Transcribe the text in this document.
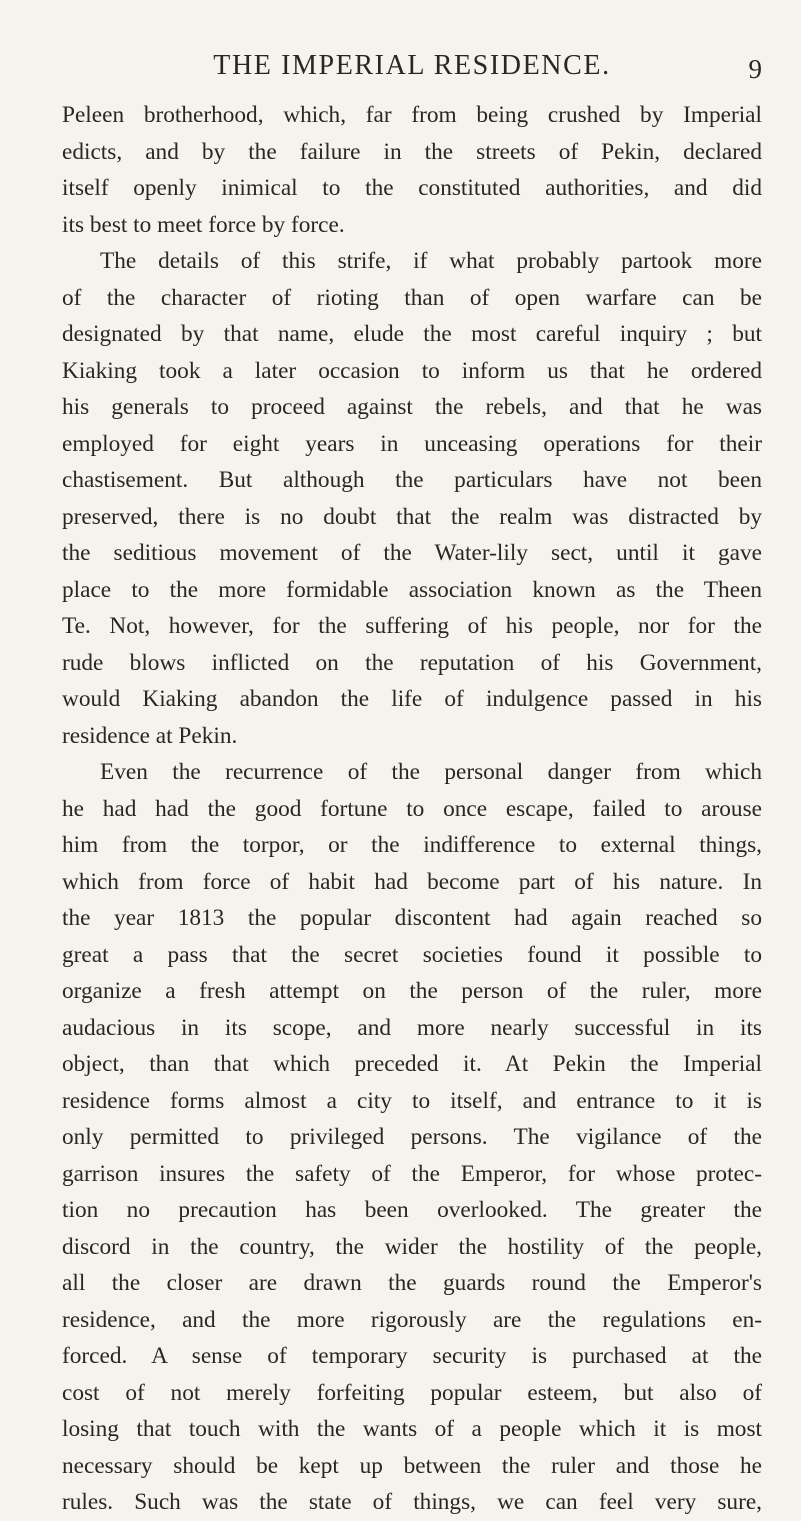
THE IMPERIAL RESIDENCE.	9
Peleen brotherhood, which, far from being crushed by Imperial
edicts, and by the failure in the streets of Pekin, declared
itself openly inimical to the constituted authorities, and did
its best to meet force by force.
The details of this strife, if what probably partook more
of the character of rioting than of open warfare can be
designated by that name, elude the most careful inquiry ; but
Kiaking took a later occasion to inform us that he ordered
his generals to proceed against the rebels, and that he was
employed for eight years in unceasing operations for their
chastisement. But although the particulars have not been
preserved, there is no doubt that the realm was distracted by
the seditious movement of the Water-lily sect, until it gave
place to the more formidable association known as the Theen
Te. Not, however, for the suffering of his people, nor for the
rude blows inflicted on the reputation of his Government,
would Kiaking abandon the life of indulgence passed in his
residence at Pekin.
Even the recurrence of the personal danger from which
he had had the good fortune to once escape, failed to arouse
him from the torpor, or the indifference to external things,
which from force of habit had become part of his nature. In
the year 1813 the popular discontent had again reached so
great a pass that the secret societies found it possible to
organize a fresh attempt on the person of the ruler, more
audacious in its scope, and more nearly successful in its
object, than that which preceded it. At Pekin the Imperial
residence forms almost a city to itself, and entrance to it is
only permitted to privileged persons. The vigilance of the
garrison insures the safety of the Emperor, for whose protec-
tion no precaution has been overlooked. The greater the
discord in the country, the wider the hostility of the people,
all the closer are drawn the guards round the Emperor's
residence, and the more rigorously are the regulations en-
forced. A sense of temporary security is purchased at the
cost of not merely forfeiting popular esteem, but also of
losing that touch with the wants of a people which it is most
necessary should be kept up between the ruler and those he
rules. Such was the state of things, we can feel very sure,
